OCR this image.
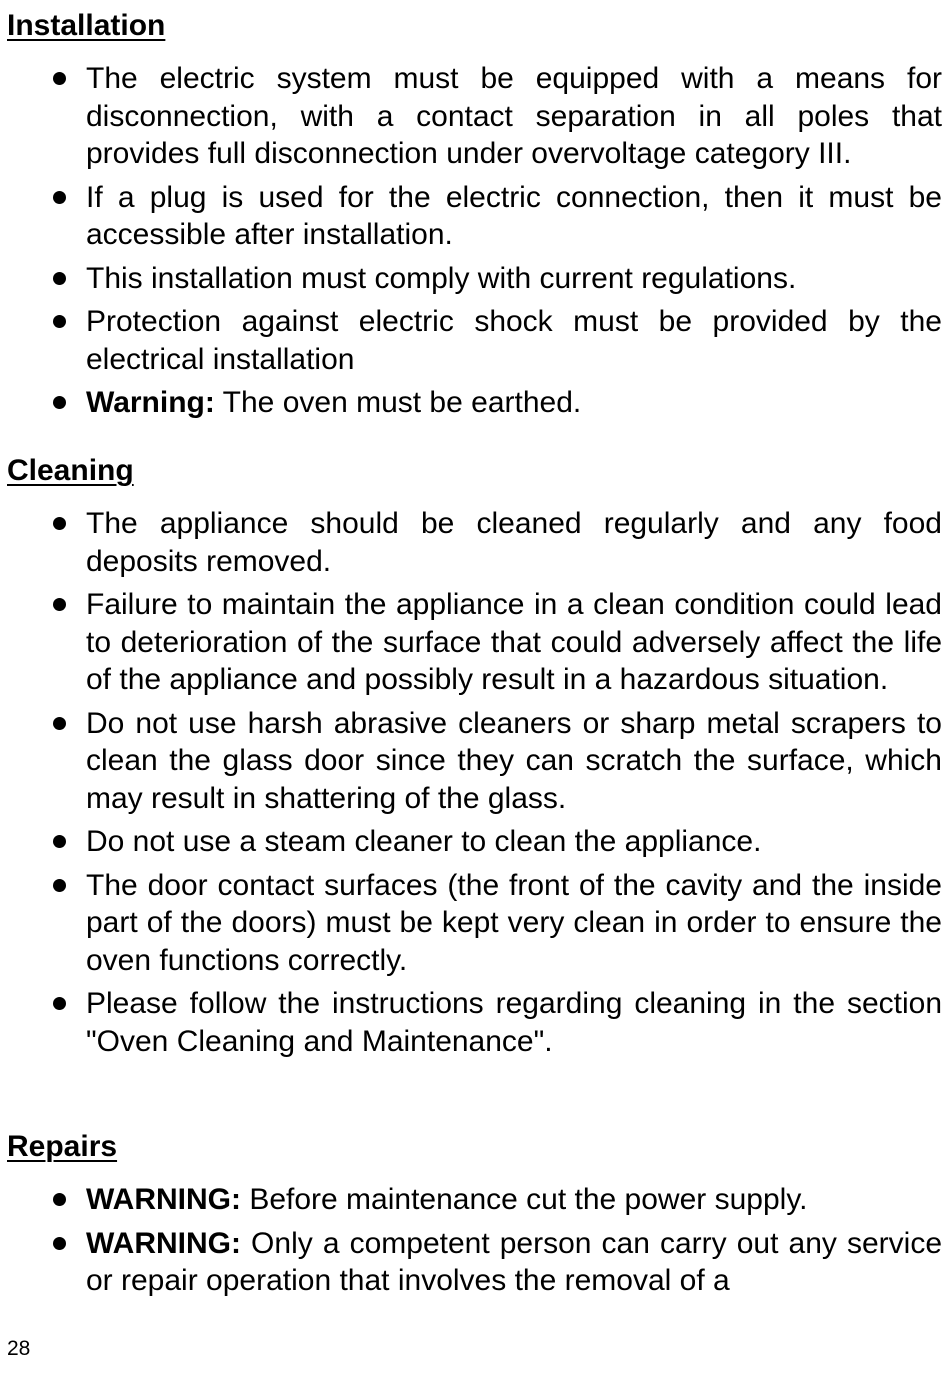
Installation
The electric system must be equipped with a means for disconnection, with a contact separation in all poles that provides full disconnection under overvoltage category III.
If a plug is used for the electric connection, then it must be accessible after installation.
This installation must comply with current regulations.
Protection against electric shock must be provided by the electrical installation
Warning: The oven must be earthed.
Cleaning
The appliance should be cleaned regularly and any food deposits removed.
Failure to maintain the appliance in a clean condition could lead to deterioration of the surface that could adversely affect the life of the appliance and possibly result in a hazardous situation.
Do not use harsh abrasive cleaners or sharp metal scrapers to clean the glass door since they can scratch the surface, which may result in shattering of the glass.
Do not use a steam cleaner to clean the appliance.
The door contact surfaces (the front of the cavity and the inside part of the doors) must be kept very clean in order to ensure the oven functions correctly.
Please follow the instructions regarding cleaning in the section "Oven Cleaning and Maintenance".
Repairs
WARNING: Before maintenance cut the power supply.
WARNING: Only a competent person can carry out any service or repair operation that involves the removal of a
28
